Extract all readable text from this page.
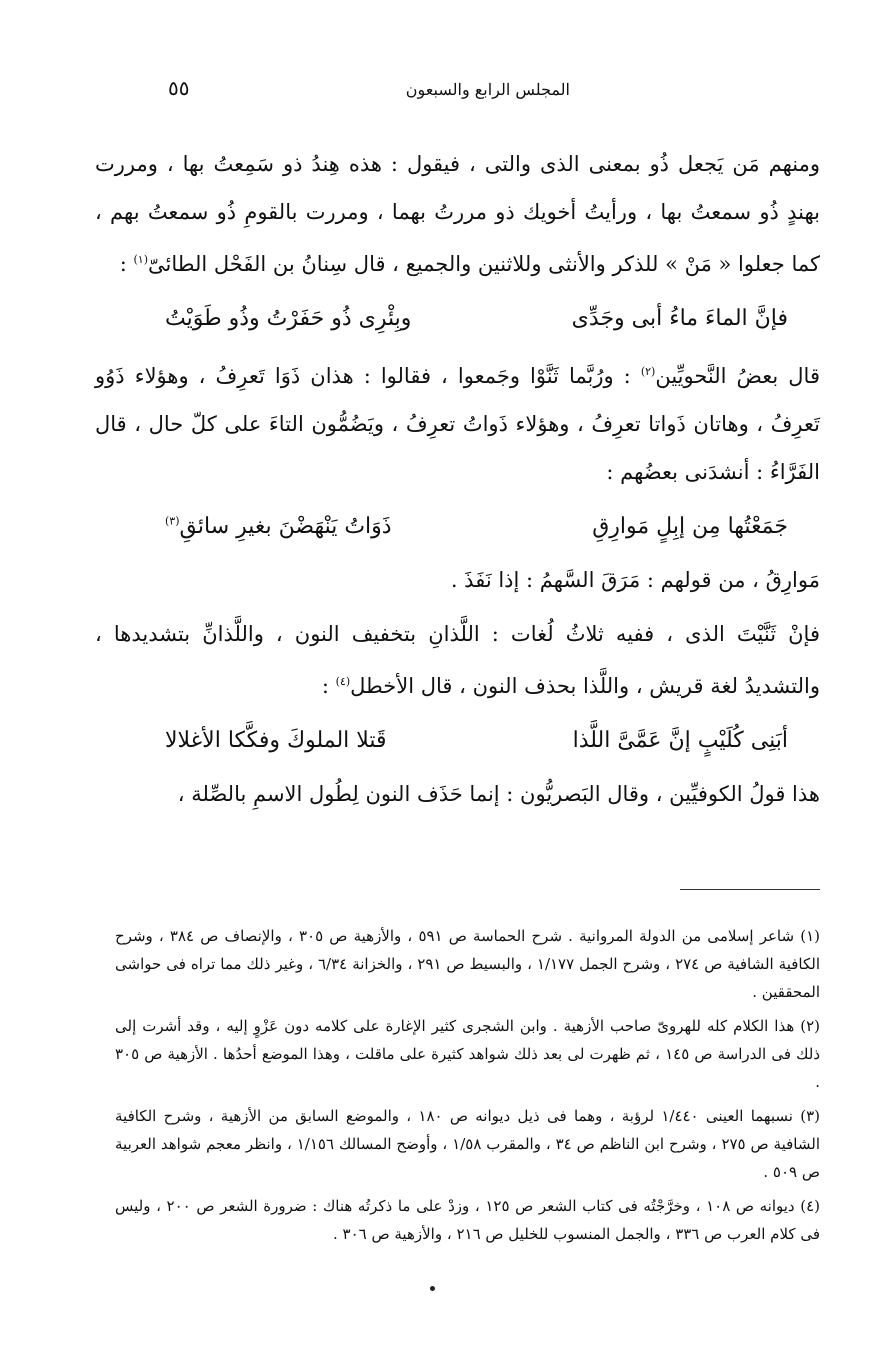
المجلس الرابع والسبعون
٥٥

ومنهم مَن يَجعل ذُو بمعنى الذى والتى ، فيقول : هذه هِندُ ذو سَمِعتُ بها ، ومررت بهندٍ ذُو سمعتُ بها ، ورأيتُ أخويك ذو مررتُ بهما ، ومررت بالقومِ ذُو سمعتُ بهم ، كما جعلوا « مَنْ » للذكر والأنثى وللاثنين والجميع ، قال سِنانُ بن الفَحْل الطائىّ$^{(١)}$ :

فإنَّ الماءَ ماءُ أبى وجَدِّى
وبِئْرِى ذُو حَفَرْتُ وذُو طَوَيْتُ

قال بعضُ النَّحويِّين$^{(٢)}$ : ورُبَّما ثَنَّوْا وجَمعوا ، فقالوا : هذان ذَوَا تَعرِفُ ، وهؤلاء ذَوُو تَعرِفُ ، وهاتان ذَواتا تعرِفُ ، وهؤلاء ذَواتُ تعرِفُ ، ويَضُمُّون التاءَ على كلّ حال ، قال الفَرَّاءُ : أنشدَنى بعضُهم :

جَمَعْتُها مِن إبِلٍ مَوارِقِ
ذَوَاتُ يَنْهَضْنَ بغيرِ سائقِ$^{(٣)}$

مَوارِقُ ، من قولهم : مَرَقَ السَّهمُ : إذا نَفَذَ .

فإنْ ثَنَّيْتَ الذى ، ففيه ثلاثُ لُغات : اللَّذانِ بتخفيف النون ، واللَّذانِّ بتشديدها ، والتشديدُ لغة قريش ، واللَّذا بحذف النون ، قال الأخطل$^{(٤)}$ :

أبَنِى كُلَيْبٍ إنَّ عَمَّىَّ اللَّذا
قَتلا الملوكَ وفكَّكا الأغلالا

هذا قولُ الكوفيِّين ، وقال البَصريُّون : إنما حَذَف النون لِطُول الاسمِ بالصِّلة ،

(١) شاعر إسلامى من الدولة المروانية . شرح الحماسة ص ٥٩١ ، والأزهية ص ٣٠٥ ، والإنصاف ص ٣٨٤ ، وشرح الكافية الشافية ص ٢٧٤ ، وشرح الجمل ١/١٧٧ ، والبسيط ص ٢٩١ ، والخزانة ٦/٣٤ ، وغير ذلك مما تراه فى حواشى المحققين .

(٢) هذا الكلام كله للهروىّ صاحب الأزهية . وابن الشجرى كثير الإغارة على كلامه دون عَزْوٍ إليه ، وقد أشرت إلى ذلك فى الدراسة ص ١٤٥ ، ثم ظهرت لى بعد ذلك شواهد كثيرة على ماقلت ، وهذا الموضع أحدُها . الأزهية ص ٣٠٥ .

(٣) نسبهما العينى ١/٤٤٠ لرؤبة ، وهما فى ذيل ديوانه ص ١٨٠ ، والموضع السابق من الأزهية ، وشرح الكافية الشافية ص ٢٧٥ ، وشرح ابن الناظم ص ٣٤ ، والمقرب ١/٥٨ ، وأوضح المسالك ١/١٥٦ ، وانظر معجم شواهد العربية ص ٥٠٩ .

(٤) ديوانه ص ١٠٨ ، وخرَّجْتُه فى كتاب الشعر ص ١٢٥ ، وزدْ على ما ذكرتُه هناك : ضرورة الشعر ص ٢٠٠ ، وليس فى كلام العرب ص ٣٣٦ ، والجمل المنسوب للخليل ص ٢١٦ ، والأزهية ص ٣٠٦ .
